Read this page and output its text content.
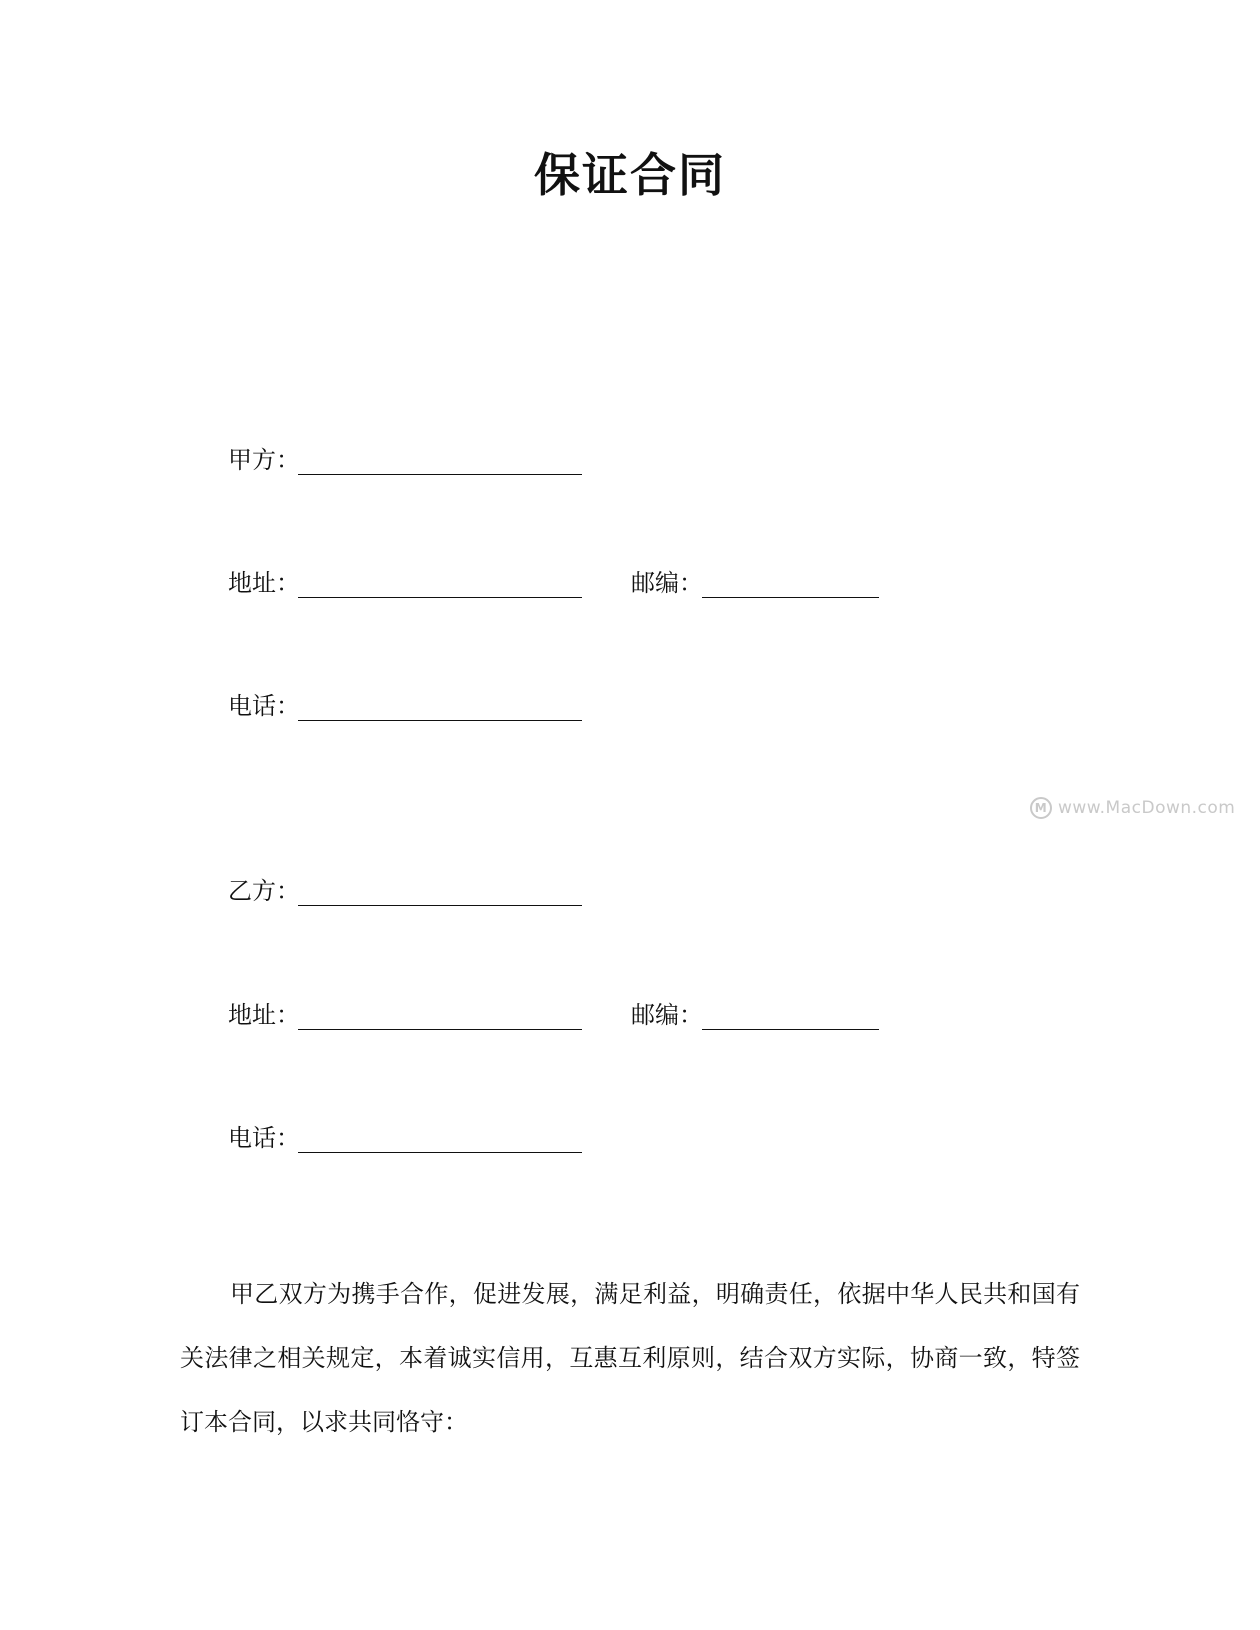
保证合同
甲方：
地址：	邮编：
电话：
M www.MacDown.com
乙方：
地址：	邮编：
电话：

甲乙双方为携手合作，促进发展，满足利益，明确责任，依据中华人民共和国有关法律之相关规定，本着诚实信用，互惠互利原则，结合双方实际，协商一致，特签订本合同，以求共同恪守：
